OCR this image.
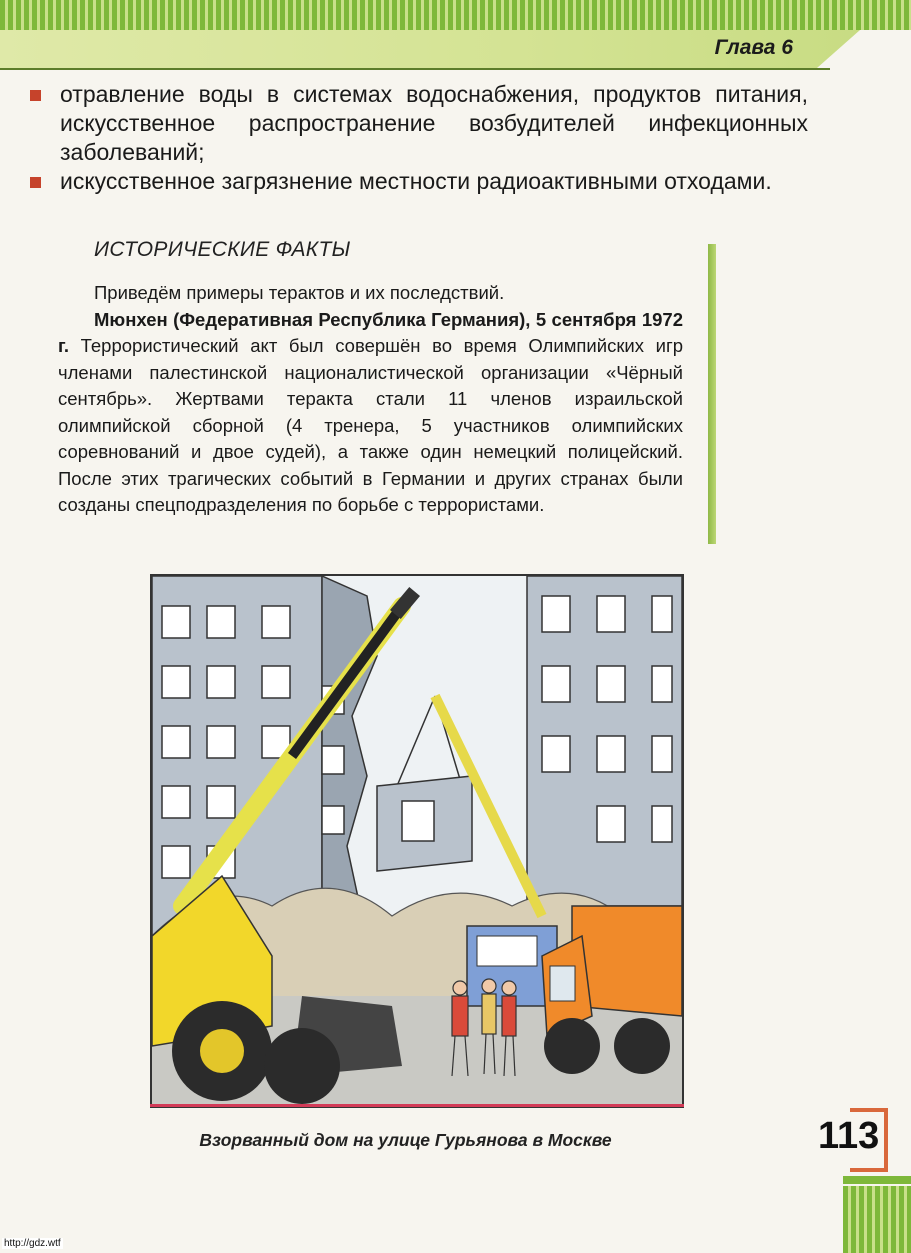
Глава 6
отравление воды в системах водоснабжения, продуктов питания, искусственное распространение возбудителей инфекционных заболеваний;
искусственное загрязнение местности радиоактивными отходами.
ИСТОРИЧЕСКИЕ ФАКТЫ

Приведём примеры терактов и их последствий.

Мюнхен (Федеративная Республика Германия), 5 сентября 1972 г. Террористический акт был совершён во время Олимпийских игр членами палестинской националистической организации «Чёрный сентябрь». Жертвами теракта стали 11 членов израильской олимпийской сборной (4 тренера, 5 участников олимпийских соревнований и двое судей), а также один немецкий полицейский. После этих трагических событий в Германии и других странах были созданы спецподразделения по борьбе с террористами.

Взорванный дом на улице Гурьянова в Москве	113
http://gdz.wtf
